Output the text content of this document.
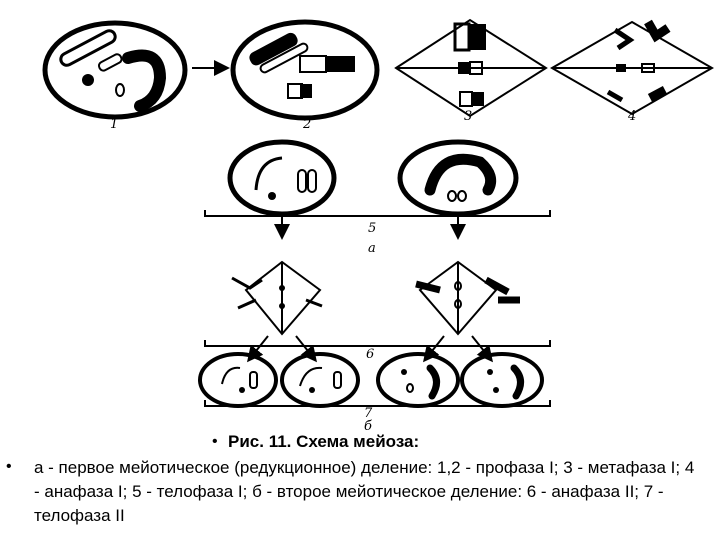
1	2
3	4
5
a
6
7
б
• Рис. 11. Схема мейоза:
• а - первое мейотическое (редукционное) деление: 1,2 - профаза I; 3 - метафаза I; 4 - анафаза I; 5 - телофаза I; б - второе мейотическое деление: 6 - анафаза II; 7 - телофаза II
